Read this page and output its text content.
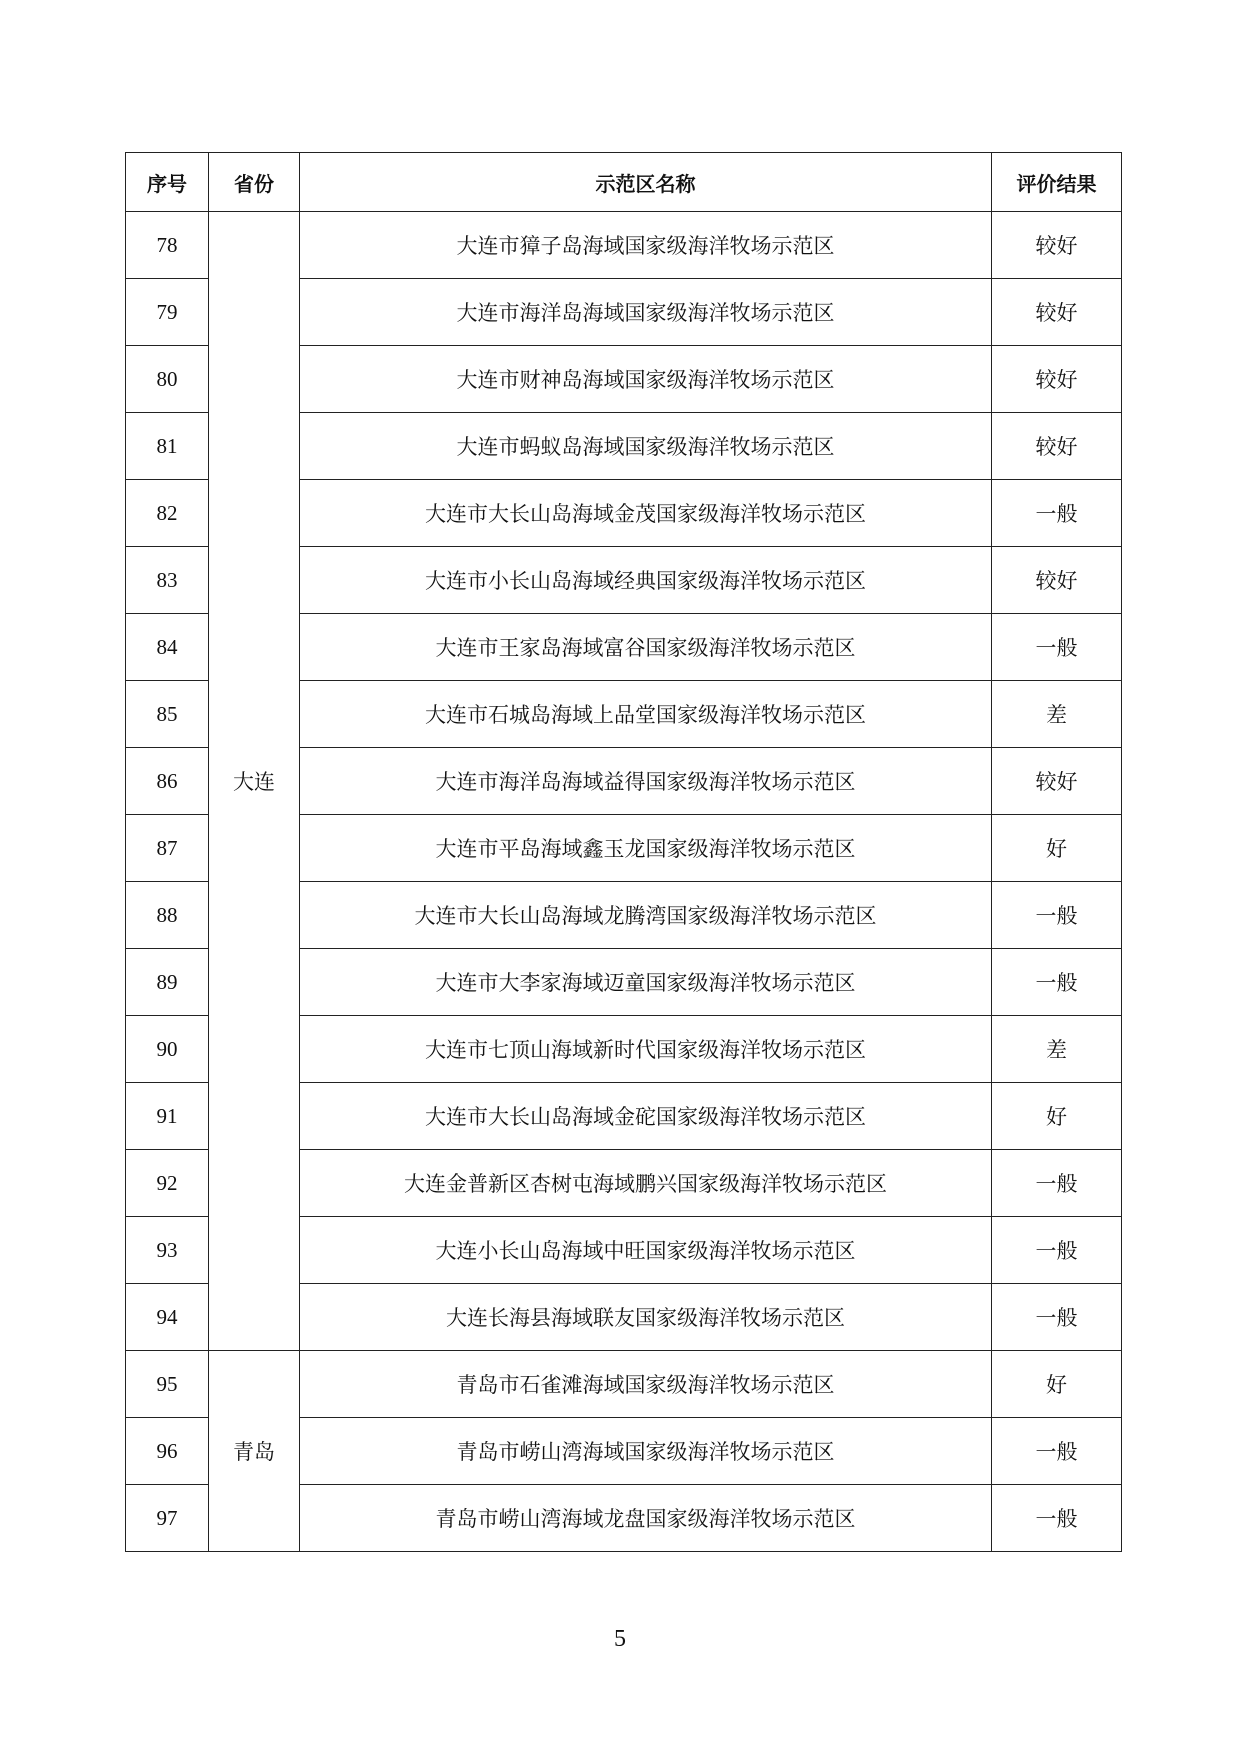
序号	省份	示范区名称	评价结果
78	大连	大连市獐子岛海域国家级海洋牧场示范区	较好
79		大连市海洋岛海域国家级海洋牧场示范区	较好
80		大连市财神岛海域国家级海洋牧场示范区	较好
81		大连市蚂蚁岛海域国家级海洋牧场示范区	较好
82		大连市大长山岛海域金茂国家级海洋牧场示范区	一般
83		大连市小长山岛海域经典国家级海洋牧场示范区	较好
84		大连市王家岛海域富谷国家级海洋牧场示范区	一般
85		大连市石城岛海域上品堂国家级海洋牧场示范区	差
86		大连市海洋岛海域益得国家级海洋牧场示范区	较好
87		大连市平岛海域鑫玉龙国家级海洋牧场示范区	好
88		大连市大长山岛海域龙腾湾国家级海洋牧场示范区	一般
89		大连市大李家海域迈童国家级海洋牧场示范区	一般
90		大连市七顶山海域新时代国家级海洋牧场示范区	差
91		大连市大长山岛海域金砣国家级海洋牧场示范区	好
92		大连金普新区杏树屯海域鹏兴国家级海洋牧场示范区	一般
93		大连小长山岛海域中旺国家级海洋牧场示范区	一般
94		大连长海县海域联友国家级海洋牧场示范区	一般
95	青岛	青岛市石雀滩海域国家级海洋牧场示范区	好
96		青岛市崂山湾海域国家级海洋牧场示范区	一般
97		青岛市崂山湾海域龙盘国家级海洋牧场示范区	一般
5
